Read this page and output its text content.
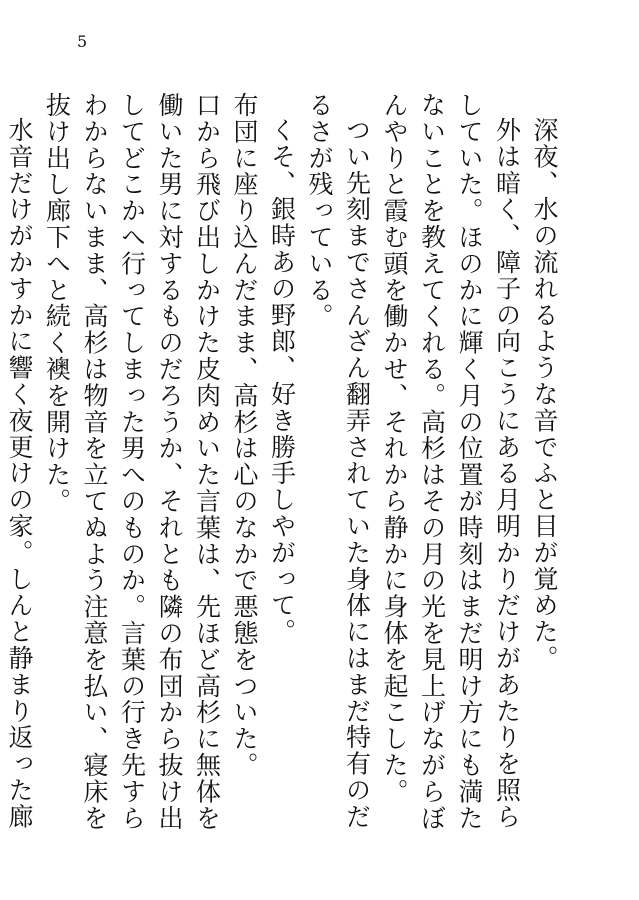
5

深夜、水の流れるような音でふと目が覚めた。

外は暗く、障子の向こうにある月明かりだけがあたりを照らしていた。ほのかに輝く月の位置が時刻はまだ明け方にも満たないことを教えてくれる。高杉はその月の光を見上げながらぼんやりと霞む頭を働かせ、それから静かに身体を起こした。

つい先刻までさんざん翻弄されていた身体にはまだ特有のだるさが残っている。

くそ、銀時あの野郎、好き勝手しやがって。

布団に座り込んだまま、高杉は心のなかで悪態をついた。

口から飛び出しかけた皮肉めいた言葉は、先ほど高杉に無体を働いた男に対するものだろうか、それとも隣の布団から抜け出してどこかへ行ってしまった男へのものか。言葉の行き先すらわからないまま、高杉は物音を立てぬよう注意を払い、寝床を抜け出し廊下へと続く襖を開けた。

水音だけがかすかに響く夜更けの家。しんと静まり返った廊
